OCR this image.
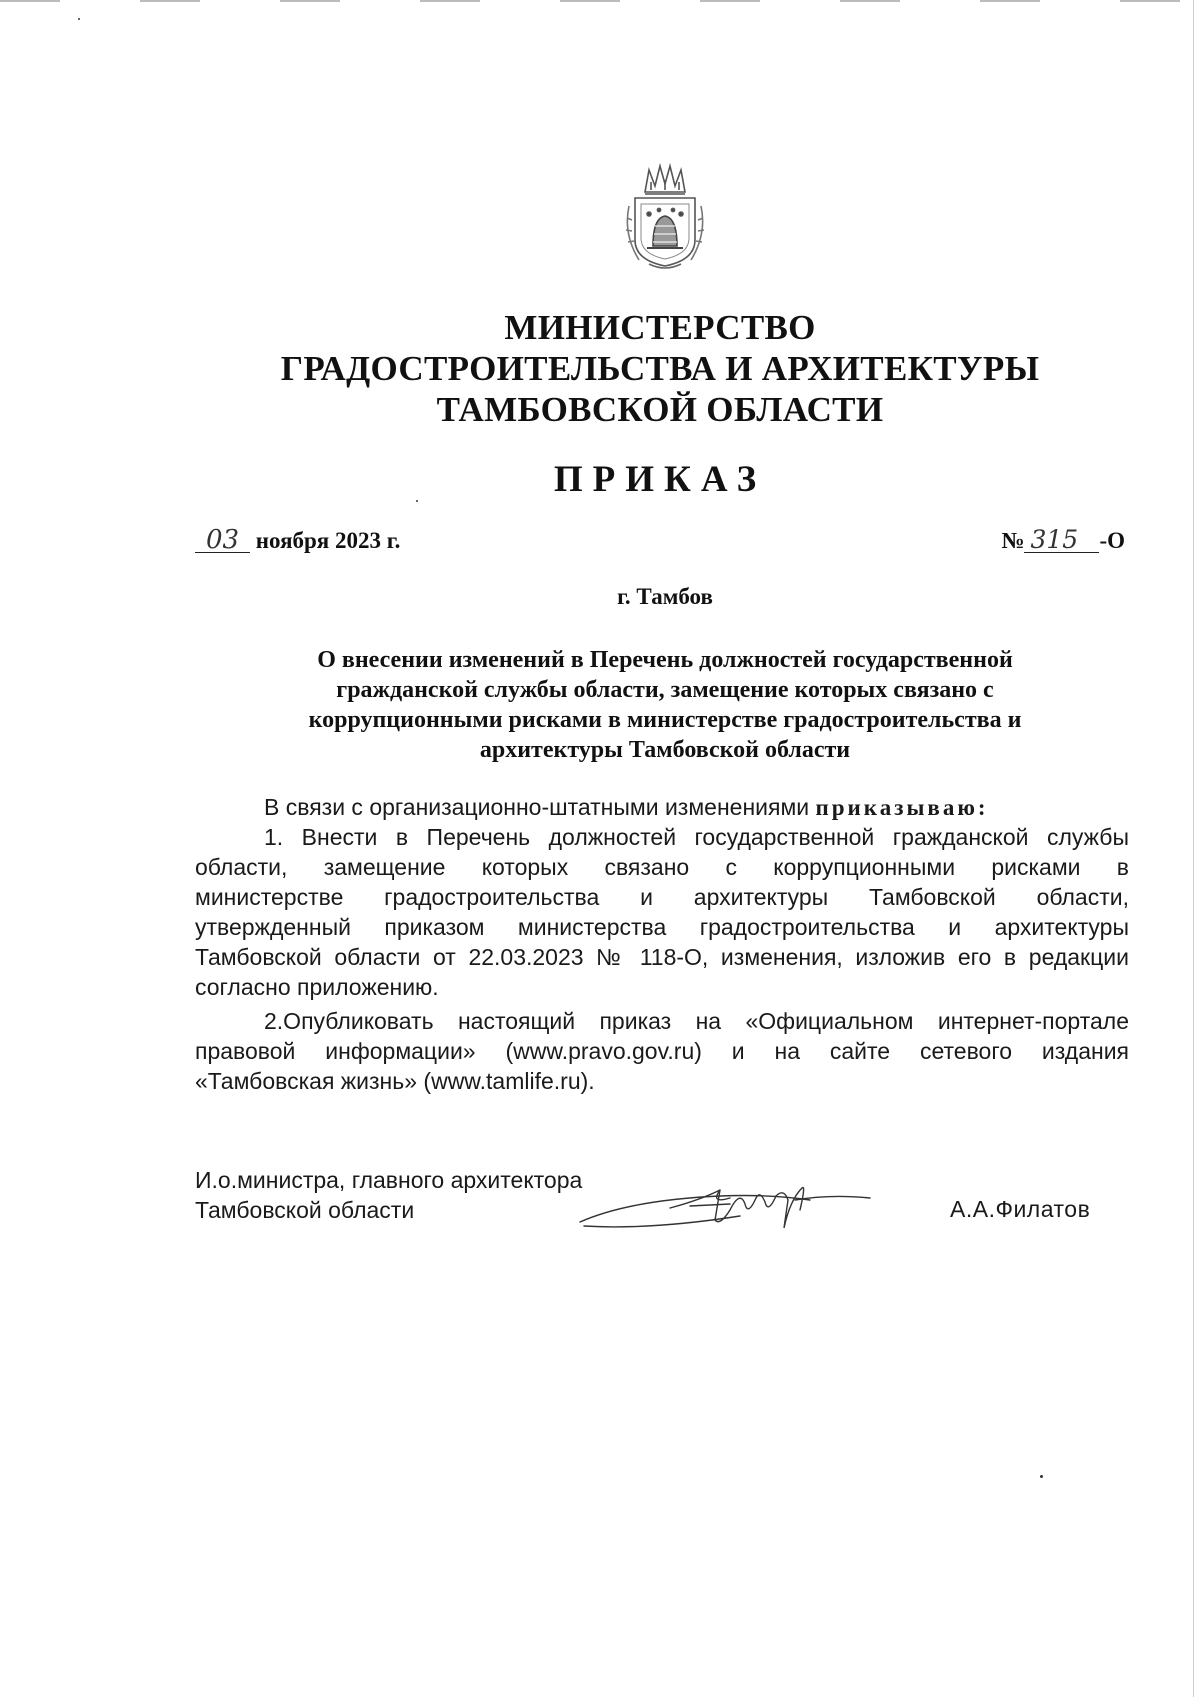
МИНИСТЕРСТВО
ГРАДОСТРОИТЕЛЬСТВА И АРХИТЕКТУРЫ
ТАМБОВСКОЙ ОБЛАСТИ
ПРИКАЗ
03 ноября 2023 г.	№ 315 -О
г. Тамбов
О внесении изменений в Перечень должностей государственной
гражданской службы области, замещение которых связано с
коррупционными рисками в министерстве градостроительства и
архитектуры Тамбовской области
В связи с организационно-штатными изменениями приказываю:
1. Внести в Перечень должностей государственной гражданской службы
области, замещение которых связано с коррупционными рисками в
министерстве градостроительства и архитектуры Тамбовской области,
утвержденный приказом министерства градостроительства и архитектуры
Тамбовской области от 22.03.2023 № 118-О, изменения, изложив его в редакции
согласно приложению.
2.Опубликовать настоящий приказ на «Официальном интернет-портале
правовой информации» (www.pravo.gov.ru) и на сайте сетевого издания
«Тамбовская жизнь» (www.tamlife.ru).
И.о.министра, главного архитектора
Тамбовской области	А.А.Филатов
